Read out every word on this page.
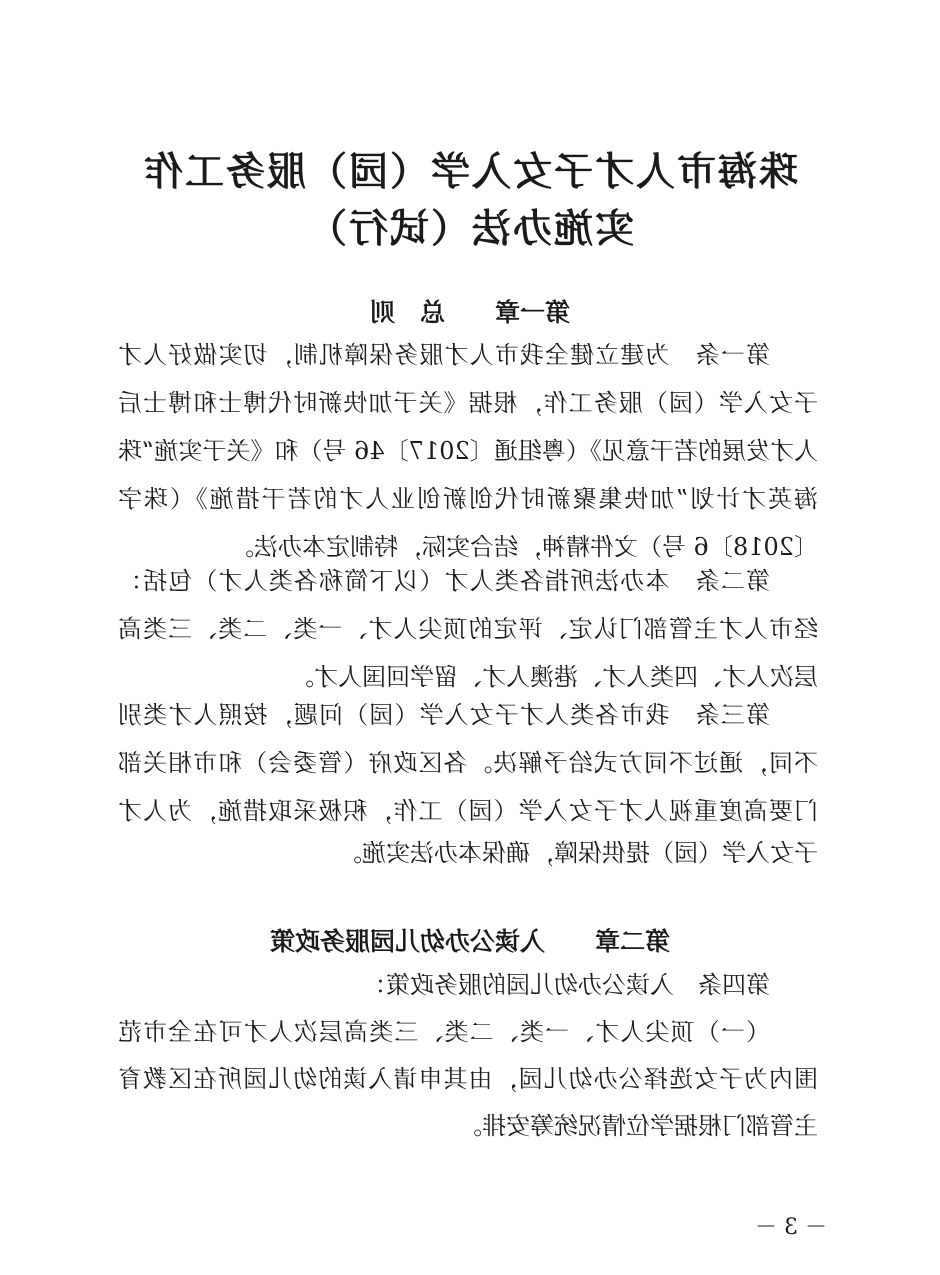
珠海市人才子女入学（园）服务工作
实施办法（试行）
第一章　　总　则
第一条　为建立健全我市人才服务保障机制，切实做好人才
子女入学（园）服务工作，根据《关于加快新时代博士和博士后
人才发展的若干意见》（粤组通〔2017〕46 号）和《关于实施“珠
海英才计划”加快集聚新时代创新创业人才的若干措施》（珠字
〔2018〕6 号）文件精神，结合实际，特制定本办法。
第二条　本办法所指各类人才（以下简称各类人才）包括：
经市人才主管部门认定、评定的顶尖人才、一类、二类、三类高
层次人才、四类人才、港澳人才、留学回国人才。
第三条　我市各类人才子女入学（园）问题，按照人才类别
不同，通过不同方式给予解决。各区政府（管委会）和市相关部
门要高度重视人才子女入学（园）工作，积极采取措施，为人才
子女入学（园）提供保障，确保本办法实施。
第二章　　入读公办幼儿园服务政策
第四条　入读公办幼儿园的服务政策：
（一）顶尖人才、一类、二类、三类高层次人才可在全市范
围内为子女选择公办幼儿园，由其申请入读的幼儿园所在区教育
主管部门根据学位情况统筹安排。
－ 3 －
